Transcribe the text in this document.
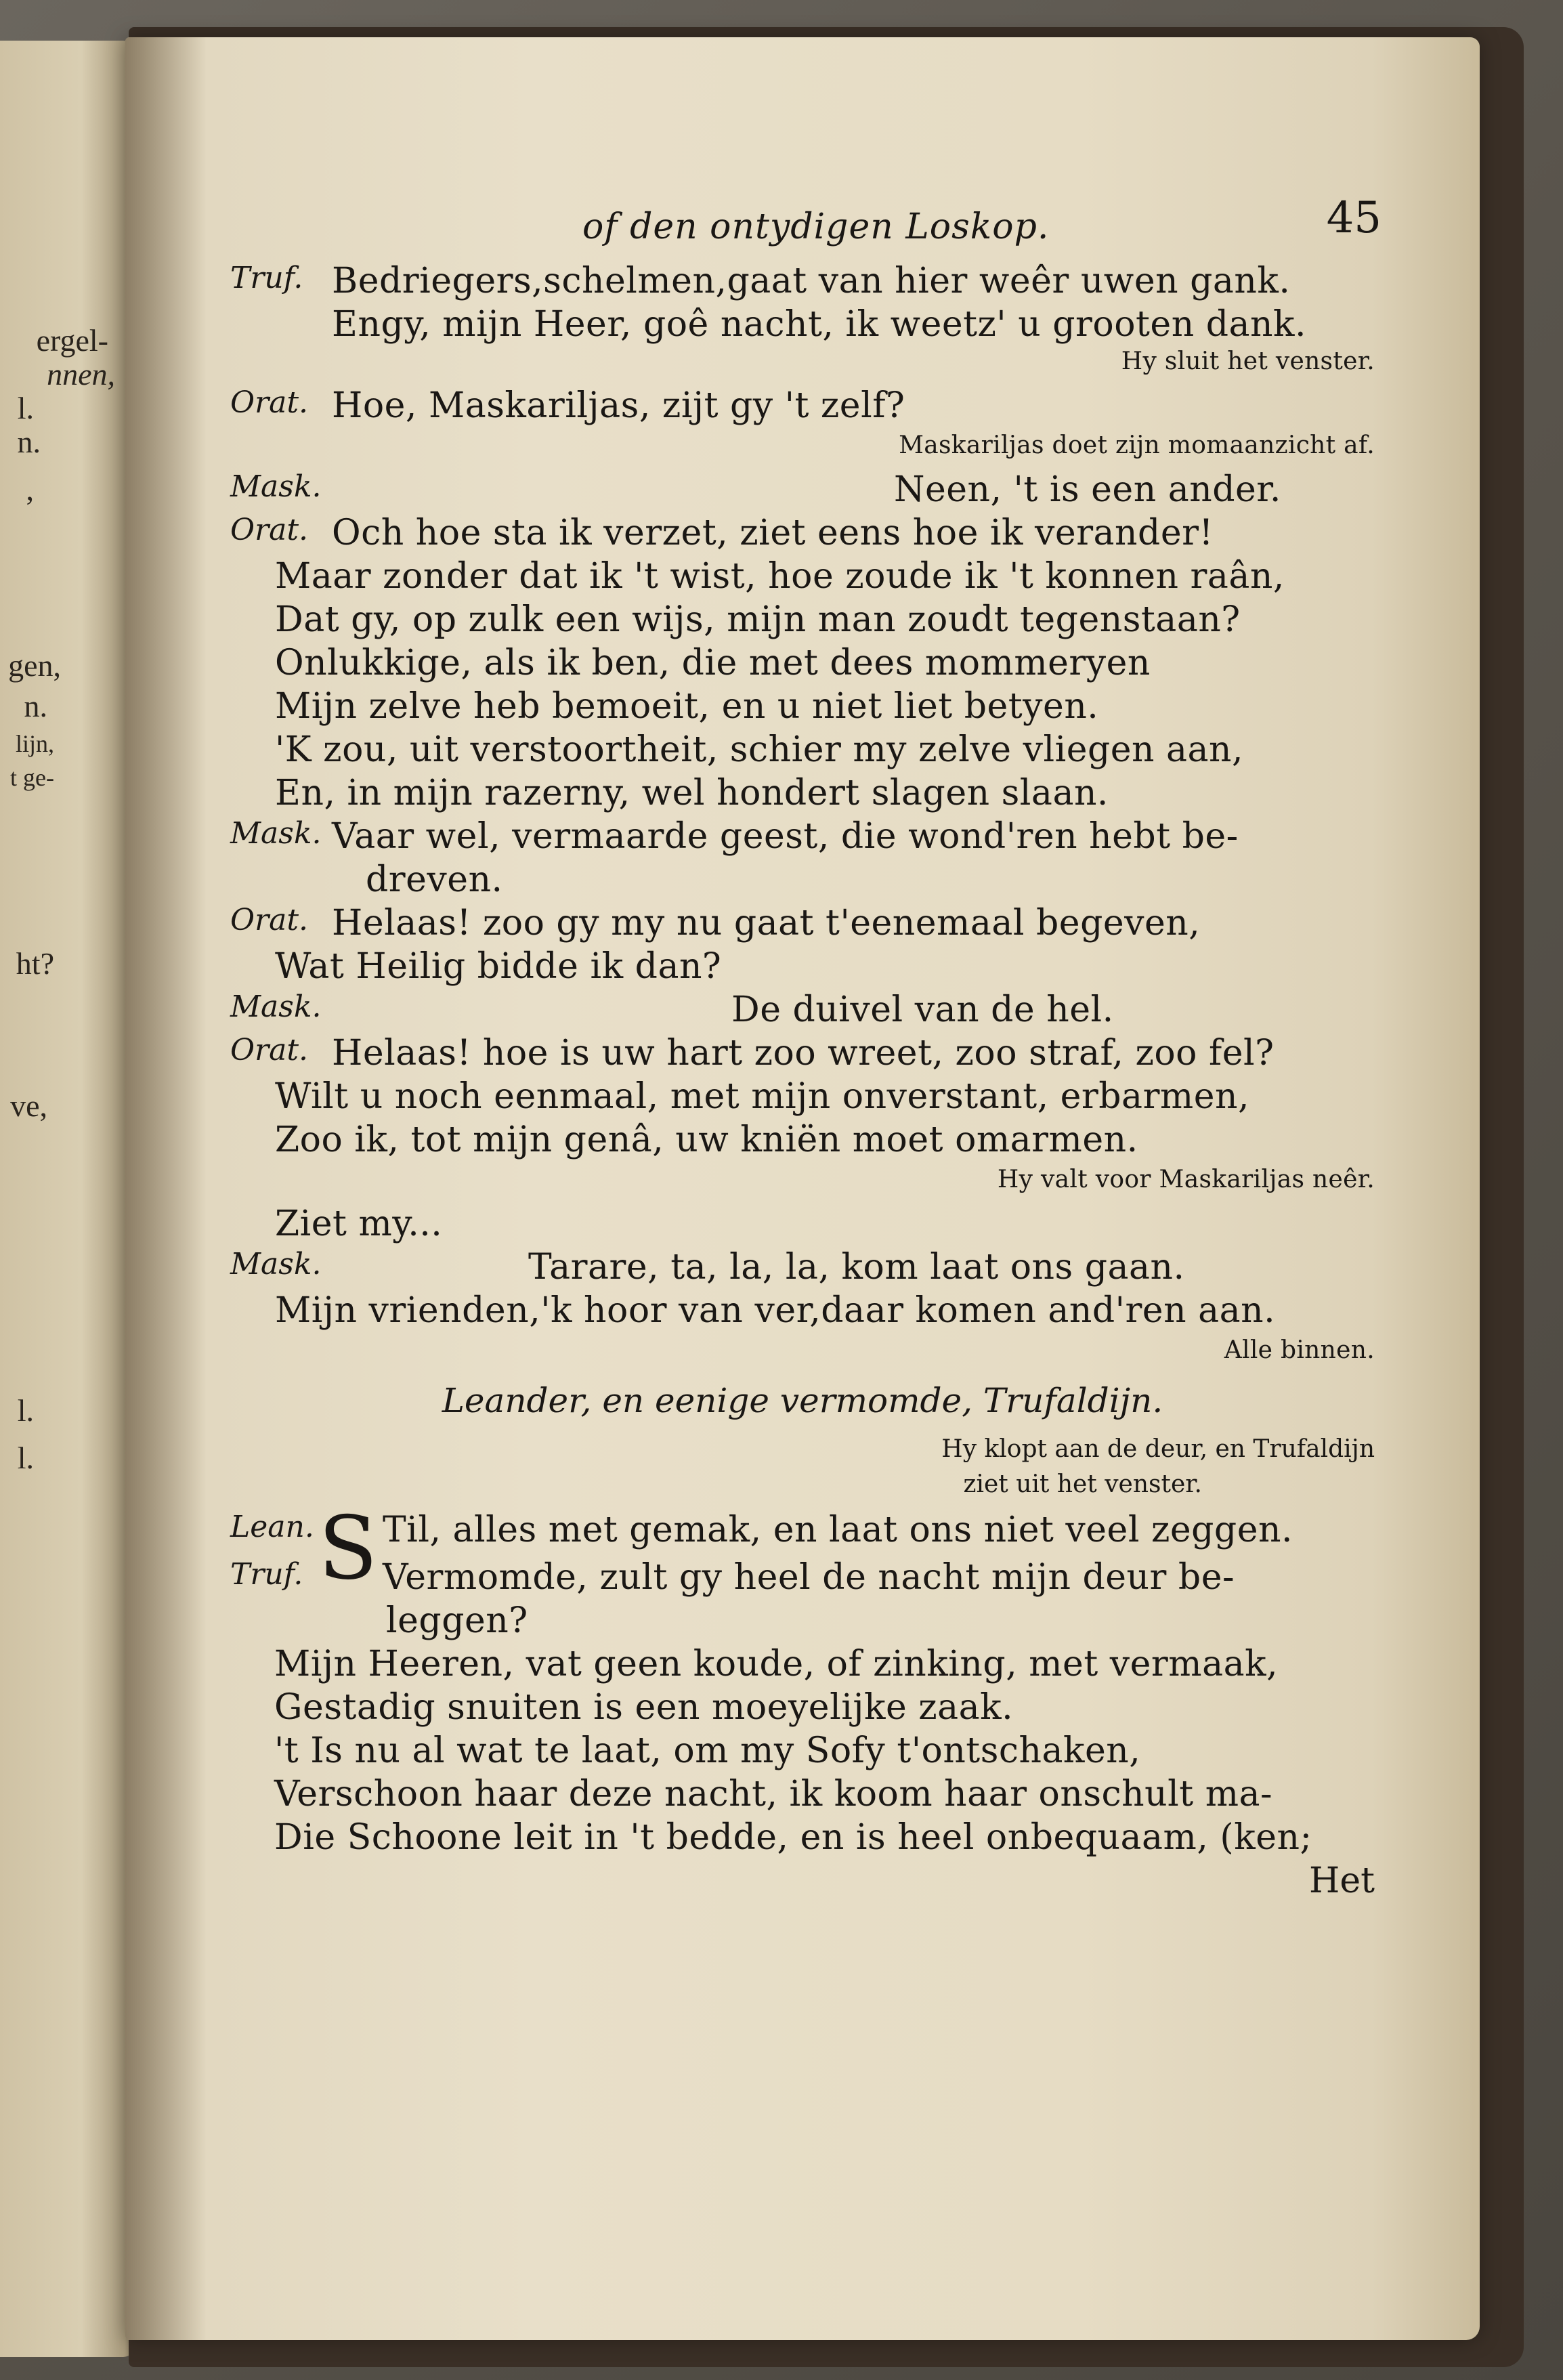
ergel-
nnen,
l.
n.
,
gen,
n.
lijn,
t ge-
ht?
ve,
l.
l.
of den ontydigen Loskop.	45
Truf. Bedriegers,schelmen,gaat van hier weêr uwen gank.
Engy, mijn Heer, goê nacht, ik weetz' u grooten dank.
Hy sluit het venster.
Orat. Hoe, Maskariljas, zijt gy 't zelf?
Maskariljas doet zijn momaanzicht af.
Mask.	Neen, 't is een ander.
Orat. Och hoe sta ik verzet, ziet eens hoe ik verander!
Maar zonder dat ik 't wist, hoe zoude ik 't konnen raân,
Dat gy, op zulk een wijs, mijn man zoudt tegenstaan?
Onlukkige, als ik ben, die met dees mommeryen
Mijn zelve heb bemoeit, en u niet liet betyen.
'K zou, uit verstoortheit, schier my zelve vliegen aan,
En, in mijn razerny, wel hondert slagen slaan.
Mask. Vaar wel, vermaarde geest, die wond'ren hebt be-
dreven.
Orat. Helaas! zoo gy my nu gaat t'eenemaal begeven,
Wat Heilig bidde ik dan?
Mask.	De duivel van de hel.
Orat. Helaas! hoe is uw hart zoo wreet, zoo straf, zoo fel?
Wilt u noch eenmaal, met mijn onverstant, erbarmen,
Zoo ik, tot mijn genâ, uw kniën moet omarmen.
Hy valt voor Maskariljas neêr.
Ziet my...
Mask.	Tarare, ta, la, la, kom laat ons gaan.
Mijn vrienden,'k hoor van ver,daar komen and'ren aan.
Alle binnen.
Leander, en eenige vermomde, Trufaldijn.
Hy klopt aan de deur, en Trufaldijn
ziet uit het venster.
Lean. S Til, alles met gemak, en laat ons niet veel zeggen.
Truf. Vermomde, zult gy heel de nacht mijn deur be-
leggen?
Mijn Heeren, vat geen koude, of zinking, met vermaak,
Gestadig snuiten is een moeyelijke zaak.
't Is nu al wat te laat, om my Sofy t'ontschaken,
Verschoon haar deze nacht, ik koom haar onschult ma-
Die Schoone leit in 't bedde, en is heel onbequaam, (ken;
Het
